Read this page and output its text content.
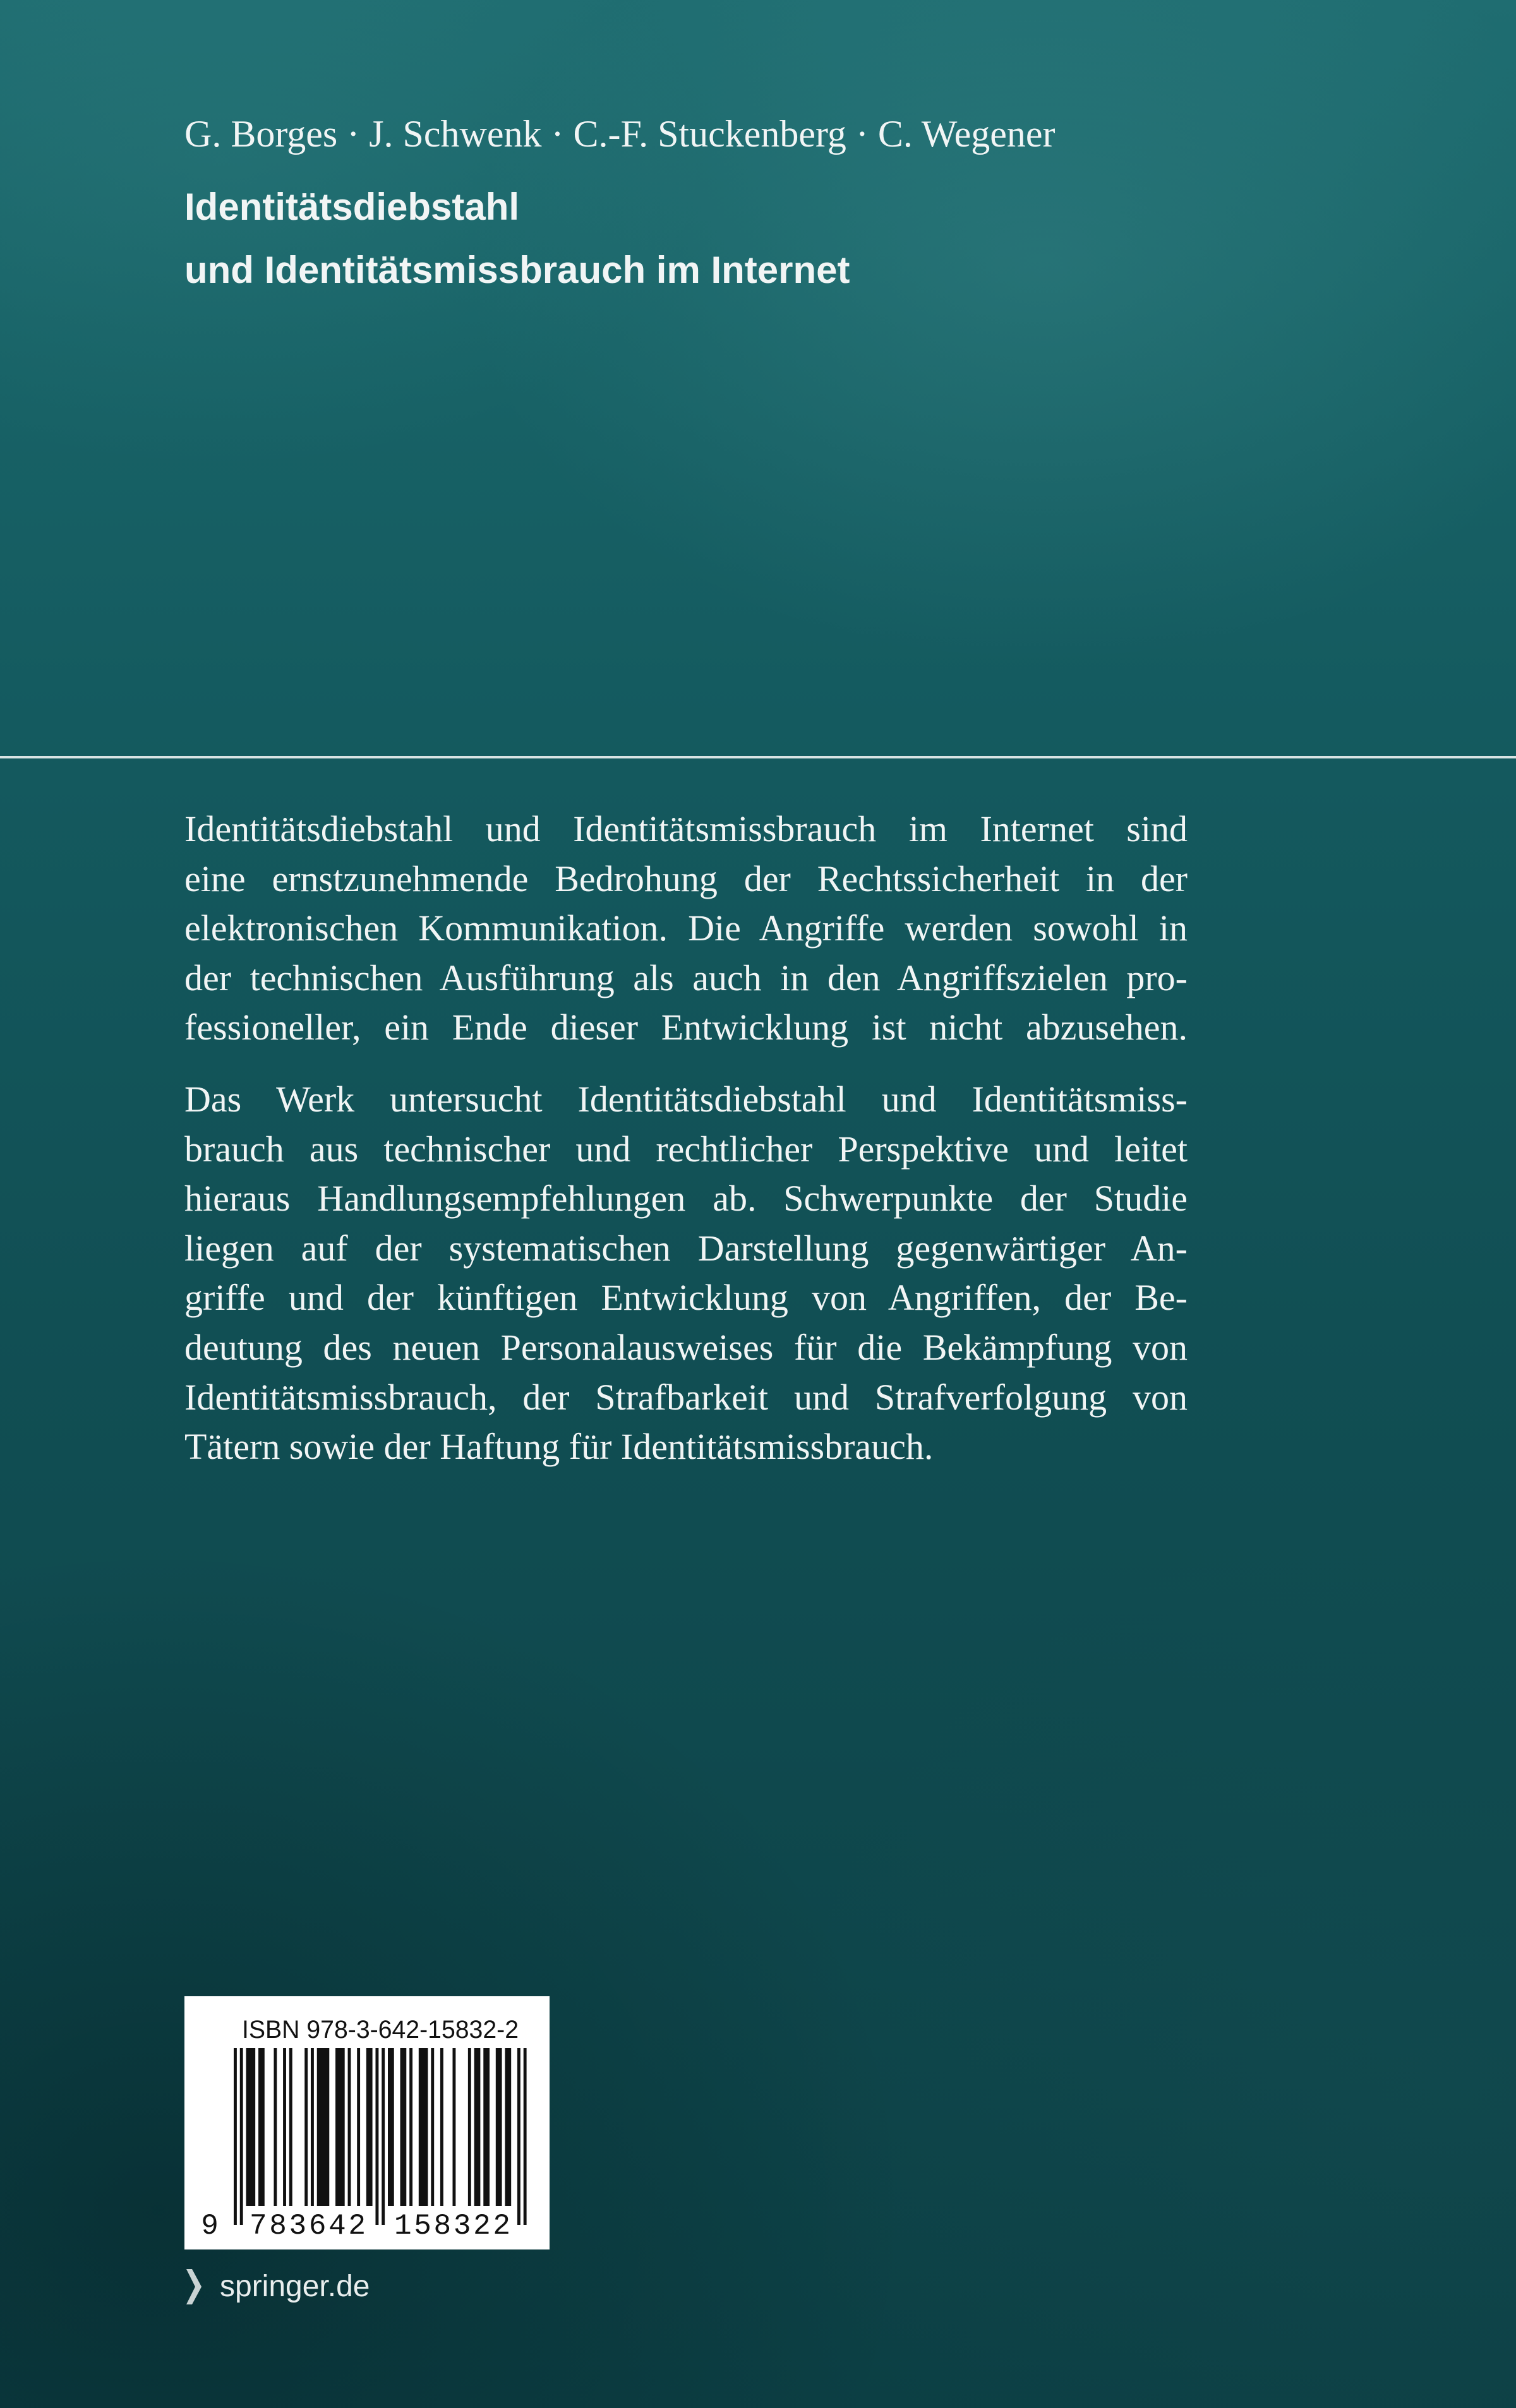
G. Borges · J. Schwenk · C.-F. Stuckenberg · C. Wegener
Identitätsdiebstahl
und Identitätsmissbrauch im Internet
Identitätsdiebstahl und Identitätsmissbrauch im Internet sind
eine ernstzunehmende Bedrohung der Rechtssicherheit in der
elektronischen Kommunikation. Die Angriffe werden sowohl in
der technischen Ausführung als auch in den Angriffszielen pro-
fessioneller, ein Ende dieser Entwicklung ist nicht abzusehen.
Das Werk untersucht Identitätsdiebstahl und Identitätsmiss-
brauch aus technischer und rechtlicher Perspektive und leitet
hieraus Handlungsempfehlungen ab. Schwerpunkte der Studie
liegen auf der systematischen Darstellung gegenwärtiger An-
griffe und der künftigen Entwicklung von Angriffen, der Be-
deutung des neuen Personalausweises für die Bekämpfung von
Identitätsmissbrauch, der Strafbarkeit und Strafverfolgung von
Tätern sowie der Haftung für Identitätsmissbrauch.
ISBN 978-3-642-15832-2
9 783642 158322
springer.de
